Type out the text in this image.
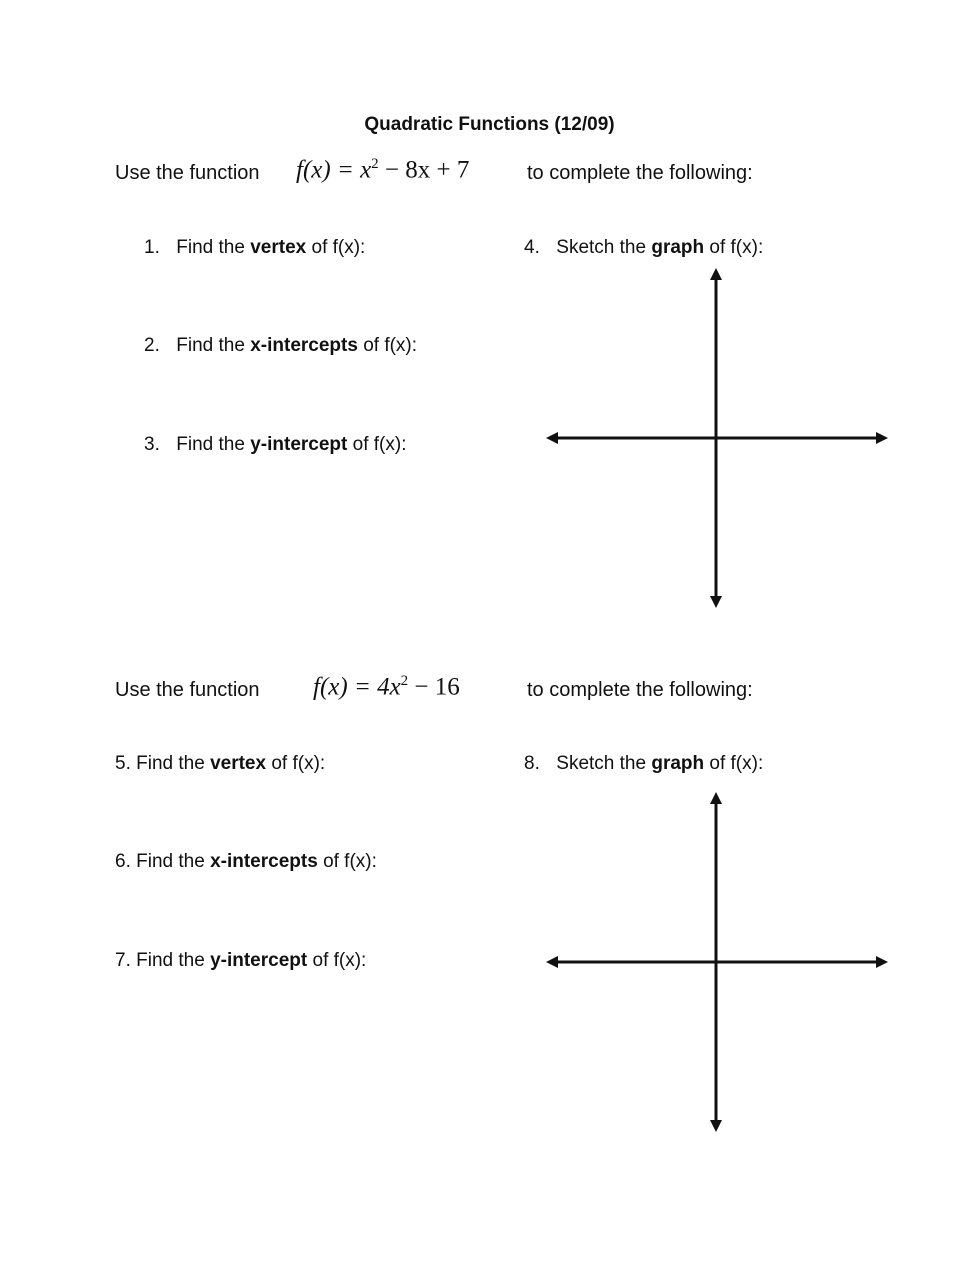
Quadratic Functions (12/09)
Use the function $f(x) = x^2 - 8x + 7$	to complete the following:
1. Find the vertex of f(x):
2. Find the x-intercepts of f(x):
3. Find the y-intercept of f(x):
4. Sketch the graph of f(x):
Use the function $f(x) = 4x^2 - 16$	to complete the following:
5. Find the vertex of f(x):
6. Find the x-intercepts of f(x):
7. Find the y-intercept of f(x):
8. Sketch the graph of f(x):
